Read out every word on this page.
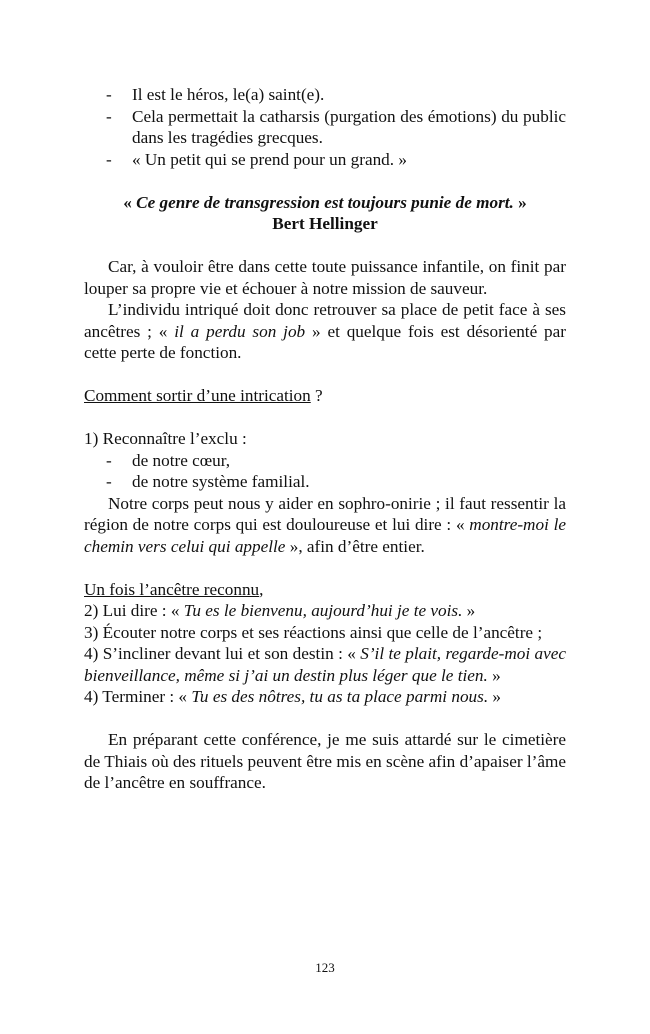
-	Il est le héros, le(a) saint(e).
-	Cela permettait la catharsis (purgation des émotions) du public dans les tragédies grecques.
-	« Un petit qui se prend pour un grand. »
« Ce genre de transgression est toujours punie de mort. »
Bert Hellinger

Car, à vouloir être dans cette toute puissance infantile, on finit par louper sa propre vie et échouer à notre mission de sauveur.

L’individu intriqué doit donc retrouver sa place de petit face à ses ancêtres ; « il a perdu son job » et quelque fois est désorienté par cette perte de fonction.

Comment sortir d’une intrication ?
1) Reconnaître l’exclu :
-	de notre cœur,
-	de notre système familial.

Notre corps peut nous y aider en sophro-onirie ; il faut ressentir la région de notre corps qui est douloureuse et lui dire : « montre-moi le chemin vers celui qui appelle », afin d’être entier.

Un fois l’ancêtre reconnu,

2) Lui dire : « Tu es le bienvenu, aujourd’hui je te vois. »

3) Écouter notre corps et ses réactions ainsi que celle de l’ancêtre ;

4) S’incliner devant lui et son destin : « S’il te plait, regarde-moi avec bienveillance, même si j’ai un destin plus léger que le tien. »

4) Terminer : « Tu es des nôtres, tu as ta place parmi nous. »

En préparant cette conférence, je me suis attardé sur le cimetière de Thiais où des rituels peuvent être mis en scène afin d’apaiser l’âme de l’ancêtre en souffrance.

123
